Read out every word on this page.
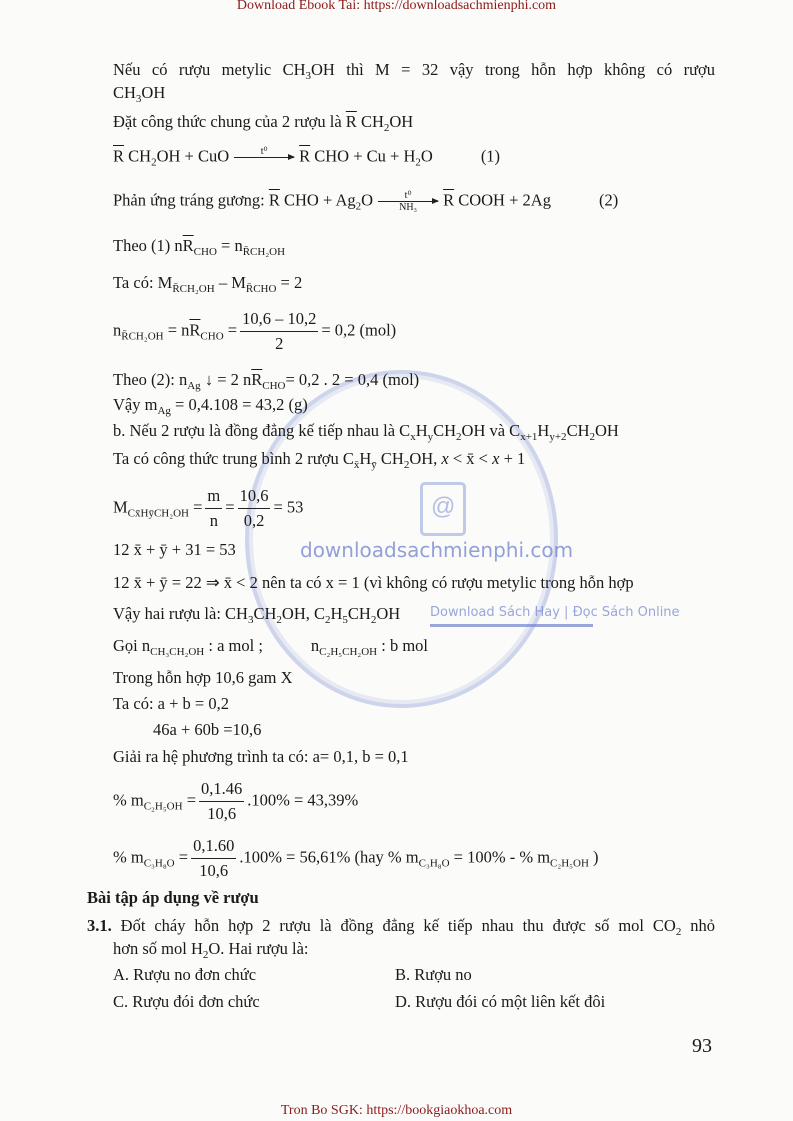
Download Ebook Tai: https://downloadsachmienphi.com
@
downloadsachmienphi.com
Download Sách Hay | Đọc Sách Online
Nếu có rượu metylic $CH_3OH$ thì M = 32 vậy trong hỗn hợp không có rượu
$CH_3OH$
Đặt công thức chung của 2 rượu là $\overline{R}$ $CH_2OH$
$\overline{R}$ $CH_2OH$ + CuO	t⁰ $\overline{R}$ CHO + $Cu + H_2O$	(1)
Phản ứng tráng gương: $\overline{R}$ CHO + $Ag_2O \frac{\text{t⁰}}{\text{NH₃}} \overline{R}$ COOH + 2Ag	(2)
Theo (1) $n\overline{R}_{CHO} = n_{R̄CH_2OH}$
Ta có: $M_{R̄CH_2OH} - M_{R̄CHO} = 2$
$n_{R̄CH_2OH} = n\overline{R}_{CHO} = \frac{10,6 - 10,2}{2} = 0,2$ (mol)
Theo (2): $n_{Ag}$ ↓ = 2 $n\overline{R}_{CHO}= 0,2$ . 2 = 0,4 (mol)
Vậy $m_{Ag} = 0,4.108 = 43,2$ (g)
b. Nếu 2 rượu là đồng đẳng kế tiếp nhau là $C_xH_yCH_2OH$ và $C_{x+1}H_{y+2}CH_2OH$
Ta có công thức trung bình 2 rượu $C_{x̄}H_ȳ$ $CH_2OH$, x < x̄ < x + 1
$M_{Cx̄HȳCH_2OH} = \frac{m}{n} = \frac{10,6}{0,2} = 53$
12 x̄ + ȳ + 31 = 53
12 x̄ + ȳ = 22 ⇒ x̄ < 2 nên ta có x = 1 (vì không có rượu metylic trong hỗn hợp
Vậy hai rượu là: $CH_3CH_2OH$, $C_2H_5CH_2OH$
Gọi $n_{CH_3CH_2OH}$ : a mol ;	$n_{C_2H_5CH_2OH}$ : b mol
Trong hỗn hợp 10,6 gam X
Ta có: a + b = 0,2
46a + 60b =10,6
Giải ra hệ phương trình ta có: a= 0,1, b = 0,1
% $m_{C_2H_5OH} = \frac{0,1.46}{10,6} .100\% = 43,39\%$
% $m_{C_3H_8O} = \frac{0,1.60}{10,6} .100\% = 56,61\%$ (hay % $m_{C_3H_8O} = 100\%$ - % $m_{C_2H_5OH}$ )
Bài tập áp dụng về rượu
3.1. Đốt cháy hỗn hợp 2 rượu là đồng đẳng kế tiếp nhau thu được số mol $CO_2$ nhỏ
hơn số mol $H_2O$. Hai rượu là:
A. Rượu no đơn chức	B. Rượu no
C. Rượu đói đơn chức	D. Rượu đói có một liên kết đôi
93
Tron Bo SGK: https://bookgiaokhoa.com
